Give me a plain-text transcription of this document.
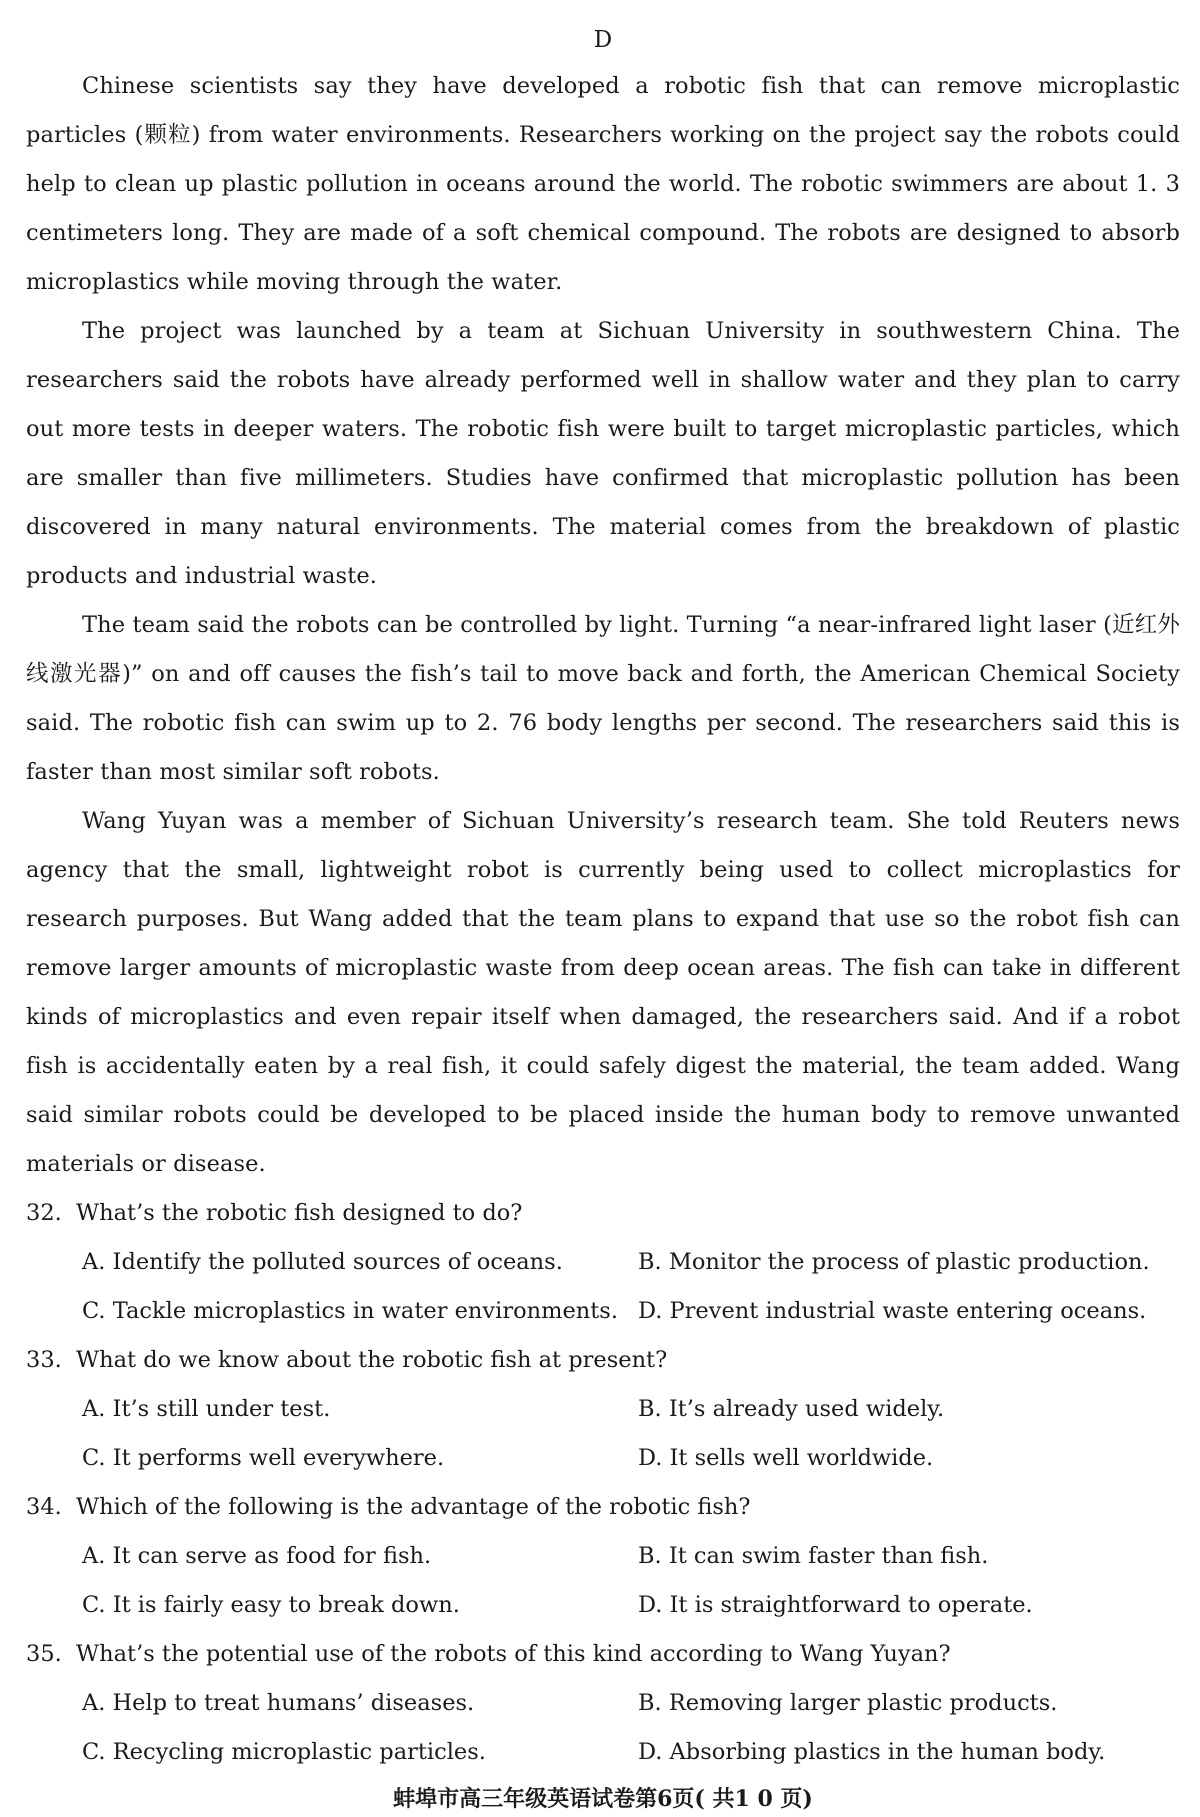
D

Chinese scientists say they have developed a robotic fish that can remove microplastic particles (颗粒) from water environments. Researchers working on the project say the robots could help to clean up plastic pollution in oceans around the world. The robotic swimmers are about 1. 3 centimeters long. They are made of a soft chemical compound. The robots are designed to absorb microplastics while moving through the water.

The project was launched by a team at Sichuan University in southwestern China. The researchers said the robots have already performed well in shallow water and they plan to carry out more tests in deeper waters. The robotic fish were built to target microplastic particles, which are smaller than five millimeters. Studies have confirmed that microplastic pollution has been discovered in many natural environments. The material comes from the breakdown of plastic products and industrial waste.

The team said the robots can be controlled by light. Turning “a near-infrared light laser (近红外线激光器)” on and off causes the fish’s tail to move back and forth, the American Chemical Society said. The robotic fish can swim up to 2. 76 body lengths per second. The researchers said this is faster than most similar soft robots.

Wang Yuyan was a member of Sichuan University’s research team. She told Reuters news agency that the small, lightweight robot is currently being used to collect microplastics for research purposes. But Wang added that the team plans to expand that use so the robot fish can remove larger amounts of microplastic waste from deep ocean areas. The fish can take in different kinds of microplastics and even repair itself when damaged, the researchers said. And if a robot fish is accidentally eaten by a real fish, it could safely digest the material, the team added. Wang said similar robots could be developed to be placed inside the human body to remove unwanted materials or disease.

32. What’s the robotic fish designed to do?
A. Identify the polluted sources of oceans.	B. Monitor the process of plastic production.
C. Tackle microplastics in water environments. D. Prevent industrial waste entering oceans.
33. What do we know about the robotic fish at present?
A. It’s still under test.	B. It’s already used widely.
C. It performs well everywhere.	D. It sells well worldwide.
34. Which of the following is the advantage of the robotic fish?
A. It can serve as food for fish.	B. It can swim faster than fish.
C. It is fairly easy to break down.	D. It is straightforward to operate.
35. What’s the potential use of the robots of this kind according to Wang Yuyan?
A. Help to treat humans’ diseases.	B. Removing larger plastic products.
C. Recycling microplastic particles.	D. Absorbing plastics in the human body.
蚌埠市高三年级英语试卷第6页( 共1 0 页)
